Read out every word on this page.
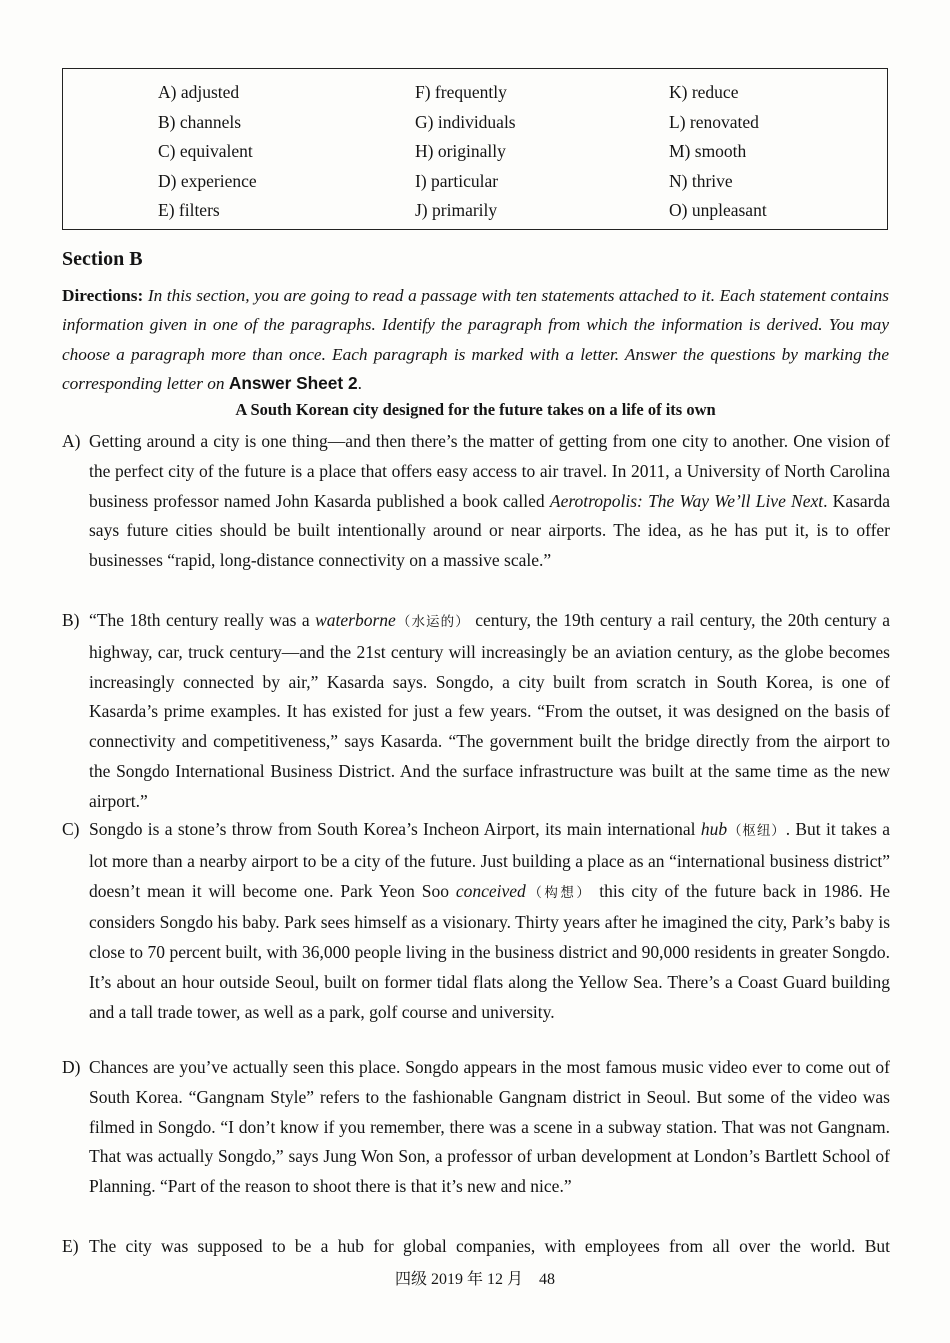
A) adjusted
B) channels
C) equivalent
D) experience
E) filters
F) frequently
G) individuals
H) originally
I) particular
J) primarily
K) reduce
L) renovated
M) smooth
N) thrive
O) unpleasant
Section B
Directions: In this section, you are going to read a passage with ten statements attached to it. Each statement contains information given in one of the paragraphs. Identify the paragraph from which the information is derived. You may choose a paragraph more than once. Each paragraph is marked with a letter. Answer the questions by marking the corresponding letter on Answer Sheet 2.
A South Korean city designed for the future takes on a life of its own
A) Getting around a city is one thing—and then there’s the matter of getting from one city to another. One vision of the perfect city of the future is a place that offers easy access to air travel. In 2011, a University of North Carolina business professor named John Kasarda published a book called Aerotropolis: The Way We’ll Live Next. Kasarda says future cities should be built intentionally around or near airports. The idea, as he has put it, is to offer businesses “rapid, long-distance connectivity on a massive scale.”
B) “The 18th century really was a waterborne（水运的） century, the 19th century a rail century, the 20th century a highway, car, truck century—and the 21st century will increasingly be an aviation century, as the globe becomes increasingly connected by air,” Kasarda says. Songdo, a city built from scratch in South Korea, is one of Kasarda’s prime examples. It has existed for just a few years. “From the outset, it was designed on the basis of connectivity and competitiveness,” says Kasarda. “The government built the bridge directly from the airport to the Songdo International Business District. And the surface infrastructure was built at the same time as the new airport.”
C) Songdo is a stone’s throw from South Korea’s Incheon Airport, its main international hub（枢纽）. But it takes a lot more than a nearby airport to be a city of the future. Just building a place as an “international business district” doesn’t mean it will become one. Park Yeon Soo conceived（构想） this city of the future back in 1986. He considers Songdo his baby. Park sees himself as a visionary. Thirty years after he imagined the city, Park’s baby is close to 70 percent built, with 36,000 people living in the business district and 90,000 residents in greater Songdo. It’s about an hour outside Seoul, built on former tidal flats along the Yellow Sea. There’s a Coast Guard building and a tall trade tower, as well as a park, golf course and university.
D) Chances are you’ve actually seen this place. Songdo appears in the most famous music video ever to come out of South Korea. “Gangnam Style” refers to the fashionable Gangnam district in Seoul. But some of the video was filmed in Songdo. “I don’t know if you remember, there was a scene in a subway station. That was not Gangnam. That was actually Songdo,” says Jung Won Son, a professor of urban development at London’s Bartlett School of Planning. “Part of the reason to shoot there is that it’s new and nice.”
E) The city was supposed to be a hub for global companies, with employees from all over the world. But
四级 2019 年 12 月　48
